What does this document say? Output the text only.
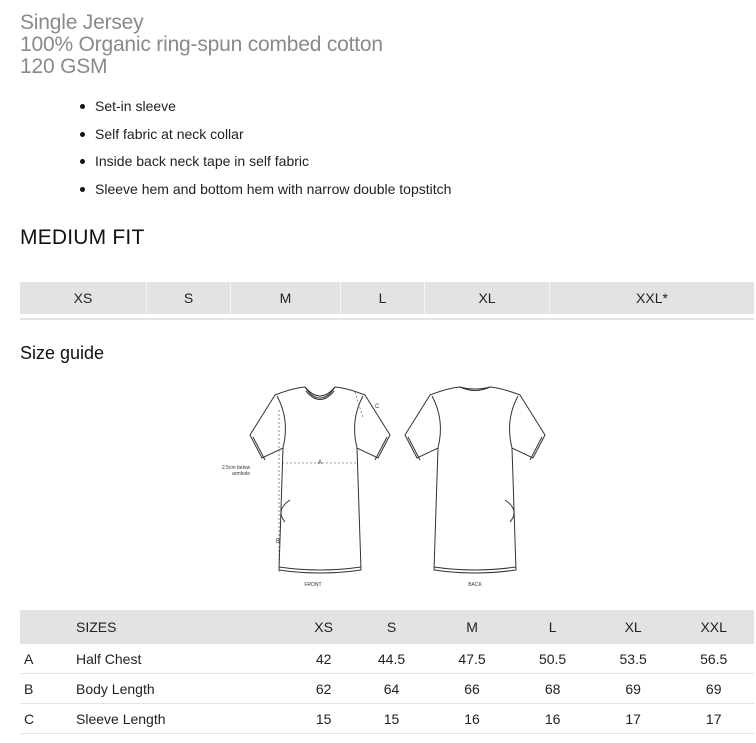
Single Jersey
100% Organic ring-spun combed cotton
120 GSM
Set-in sleeve
Self fabric at neck collar
Inside back neck tape in self fabric
Sleeve hem and bottom hem with narrow double topstitch
MEDIUM FIT
XS	S	M	L	XL	XXL*
Size guide
A
B
C
2.5cm below
armhole
FRONT	BACK
	SIZES	XS	S	M	L	XL	XXL
A	Half Chest	42	44.5	47.5	50.5	53.5	56.5
B	Body Length	62	64	66	68	69	69
C	Sleeve Length	15	15	16	16	17	17
